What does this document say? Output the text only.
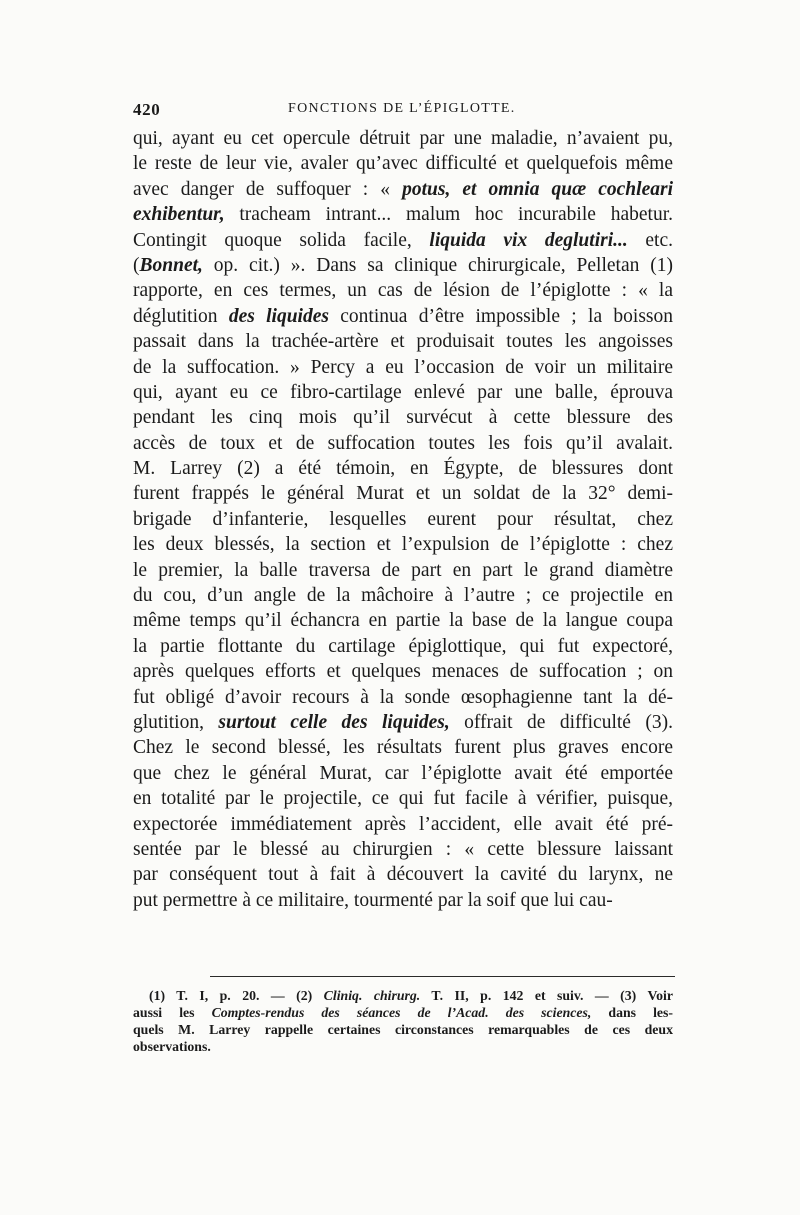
420	FONCTIONS DE L’ÉPIGLOTTE.
qui, ayant eu cet opercule détruit par une maladie, n’avaient pu,
le reste de leur vie, avaler qu’avec difficulté et quelquefois même
avec danger de suffoquer : « potus, et omnia quæ cochleari
exhibentur, tracheam intrant... malum hoc incurabile habetur.
Contingit quoque solida facile, liquida vix deglutiri... etc.
(Bonnet, op. cit.) ». Dans sa clinique chirurgicale, Pelletan (1)
rapporte, en ces termes, un cas de lésion de l’épiglotte : « la
déglutition des liquides continua d’être impossible ; la boisson
passait dans la trachée-artère et produisait toutes les angoisses
de la suffocation. » Percy a eu l’occasion de voir un militaire
qui, ayant eu ce fibro-cartilage enlevé par une balle, éprouva
pendant les cinq mois qu’il survécut à cette blessure des
accès de toux et de suffocation toutes les fois qu’il avalait.
M. Larrey (2) a été témoin, en Égypte, de blessures dont
furent frappés le général Murat et un soldat de la 32° demi-
brigade d’infanterie, lesquelles eurent pour résultat, chez
les deux blessés, la section et l’expulsion de l’épiglotte : chez
le premier, la balle traversa de part en part le grand diamètre
du cou, d’un angle de la mâchoire à l’autre ; ce projectile en
même temps qu’il échancra en partie la base de la langue coupa
la partie flottante du cartilage épiglottique, qui fut expectoré,
après quelques efforts et quelques menaces de suffocation ; on
fut obligé d’avoir recours à la sonde œsophagienne tant la dé-
glutition, surtout celle des liquides, offrait de difficulté (3).
Chez le second blessé, les résultats furent plus graves encore
que chez le général Murat, car l’épiglotte avait été emportée
en totalité par le projectile, ce qui fut facile à vérifier, puisque,
expectorée immédiatement après l’accident, elle avait été pré-
sentée par le blessé au chirurgien : « cette blessure laissant
par conséquent tout à fait à découvert la cavité du larynx, ne
put permettre à ce militaire, tourmenté par la soif que lui cau-
(1) T. I, p. 20. — (2) Cliniq. chirurg. T. II, p. 142 et suiv. — (3) Voir
aussi les Comptes-rendus des séances de l’Acad. des sciences, dans les-
quels M. Larrey rappelle certaines circonstances remarquables de ces deux
observations.
